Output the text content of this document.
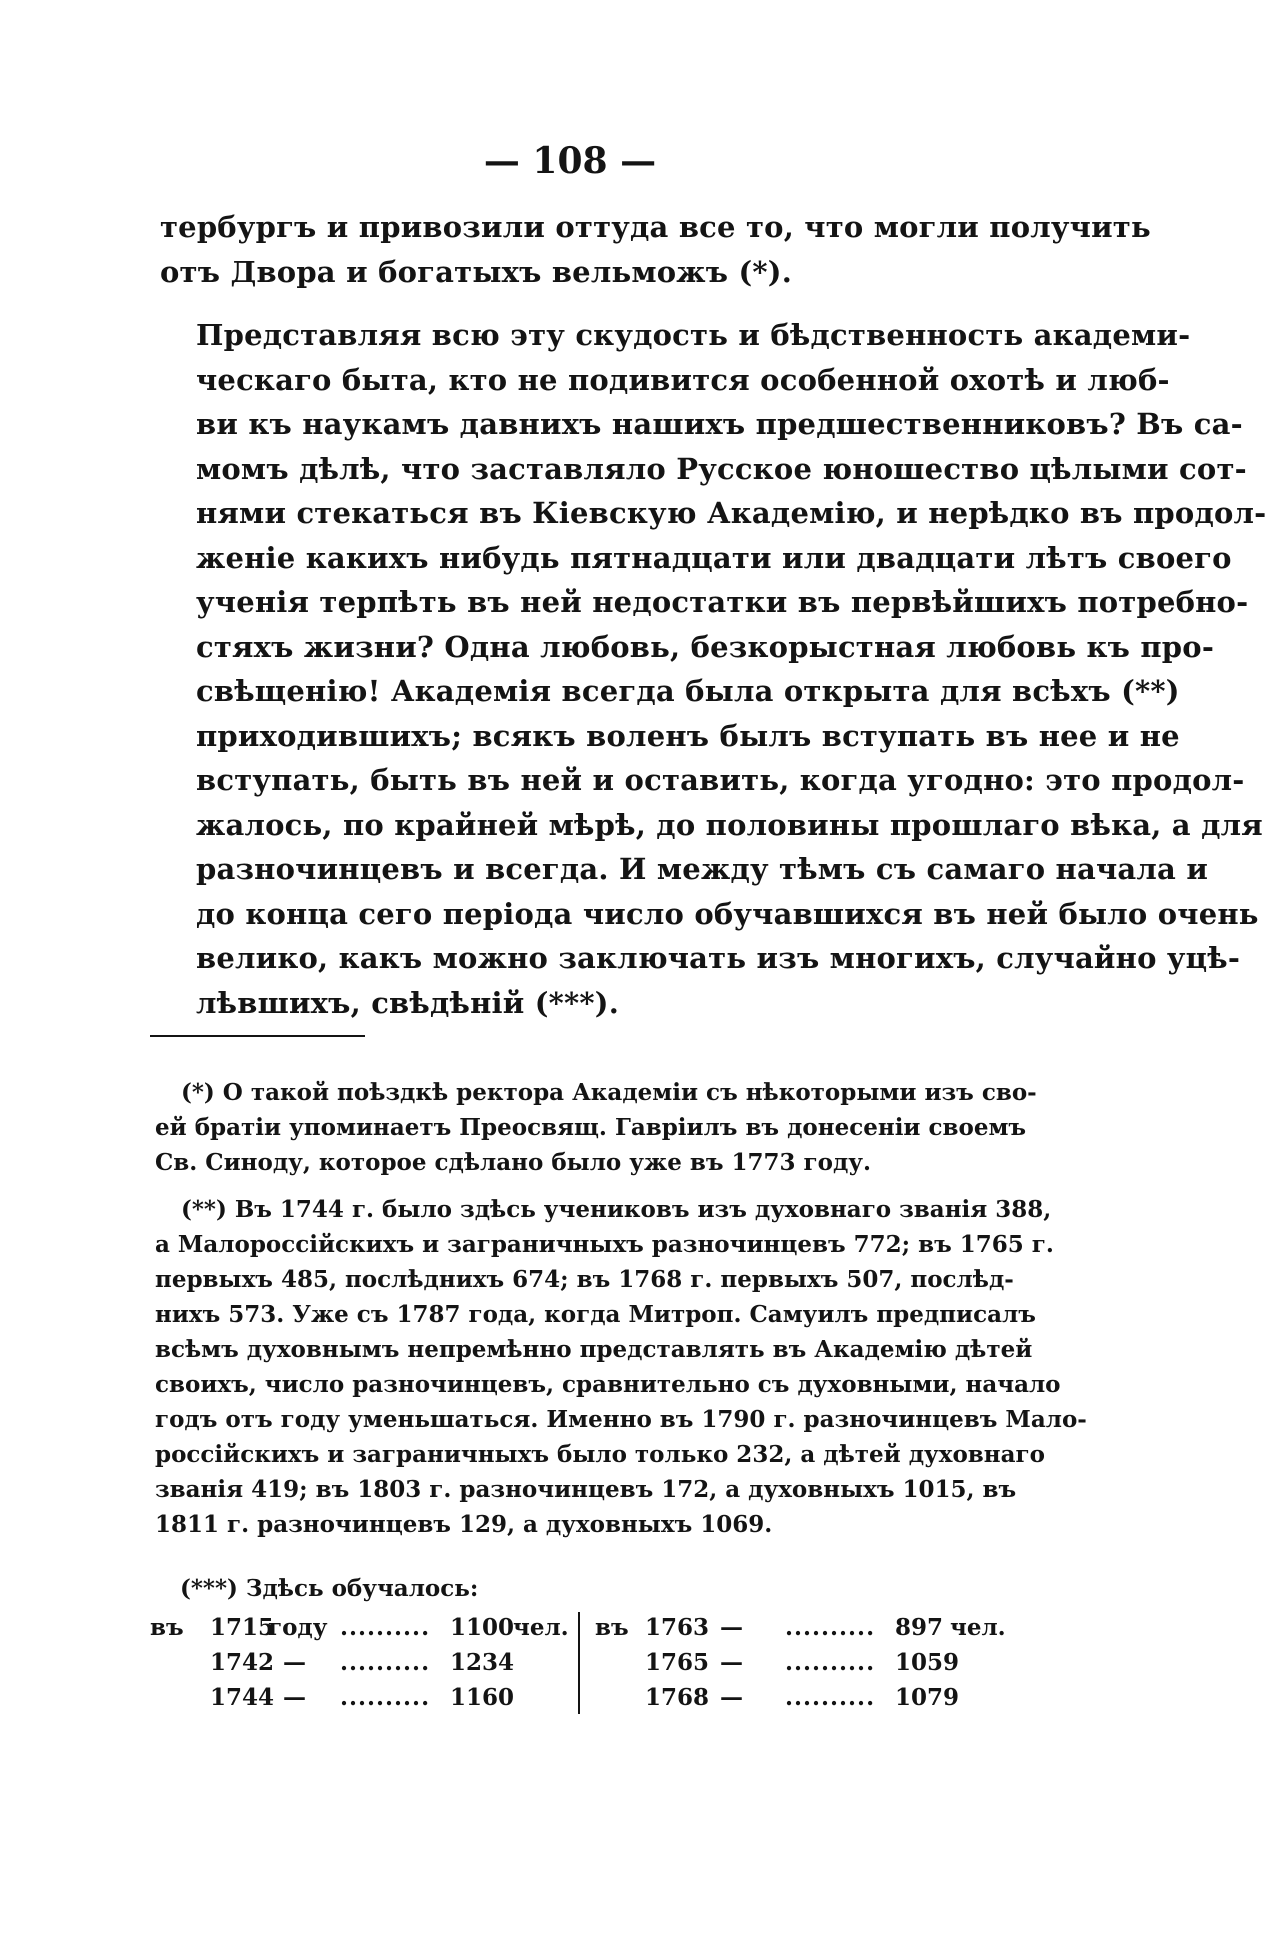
— 108 —

тербургъ и привозили оттуда все то, что могли получить
отъ Двора и богатыхъ вельможъ (*).

Представляя всю эту скудость и бѣдственность академи-
ческаго быта, кто не подивится особенной охотѣ и люб-
ви къ наукамъ давнихъ нашихъ предшественниковъ? Въ са-
момъ дѣлѣ, что заставляло Русское юношество цѣлыми сот-
нями стекаться въ Кіевскую Академію, и нерѣдко въ продол-
женіе какихъ нибудь пятнадцати или двадцати лѣтъ своего
ученія терпѣть въ ней недостатки въ первѣйшихъ потребно-
стяхъ жизни? Одна любовь, безкорыстная любовь къ про-
свѣщенію! Академія всегда была открыта для всѣхъ (**)
приходившихъ; всякъ воленъ былъ вступать въ нее и не
вступать, быть въ ней и оставить, когда угодно: это продол-
жалось, по крайней мѣрѣ, до половины прошлаго вѣка, а для
разночинцевъ и всегда. И между тѣмъ съ самаго начала и
до конца сего періода число обучавшихся въ ней было очень
велико, какъ можно заключать изъ многихъ, случайно уцѣ-
лѣвшихъ, свѣдѣній (***).

(*) О такой поѣздкѣ ректора Академіи съ нѣкоторыми изъ сво-
ей братіи упоминаетъ Преосвящ. Гавріилъ въ донесеніи своемъ
Св. Синоду, которое сдѣлано было уже въ 1773 году.
(**) Въ 1744 г. было здѣсь учениковъ изъ духовнаго званія 388,
а Малороссійскихъ и заграничныхъ разночинцевъ 772; въ 1765 г.
первыхъ 485, послѣднихъ 674; въ 1768 г. первыхъ 507, послѣд-
нихъ 573. Уже съ 1787 года, когда Митроп. Самуилъ предписалъ
всѣмъ духовнымъ непремѣнно представлять въ Академію дѣтей
своихъ, число разночинцевъ, сравнительно съ духовными, начало
годъ отъ году уменьшаться. Именно въ 1790 г. разночинцевъ Мало-
россійскихъ и заграничныхъ было только 232, а дѣтей духовнаго
званія 419; въ 1803 г. разночинцевъ 172, а духовныхъ 1015, въ
1811 г. разночинцевъ 129, а духовныхъ 1069.
(***) Здѣсь обучалось:
въ 1715
году .......... 1100
чел.
1742 — .......... 1234
1744 — .......... 1160
въ 1763 — .......... 897 чел.
1765 — .......... 1059
1768 — .......... 1079
